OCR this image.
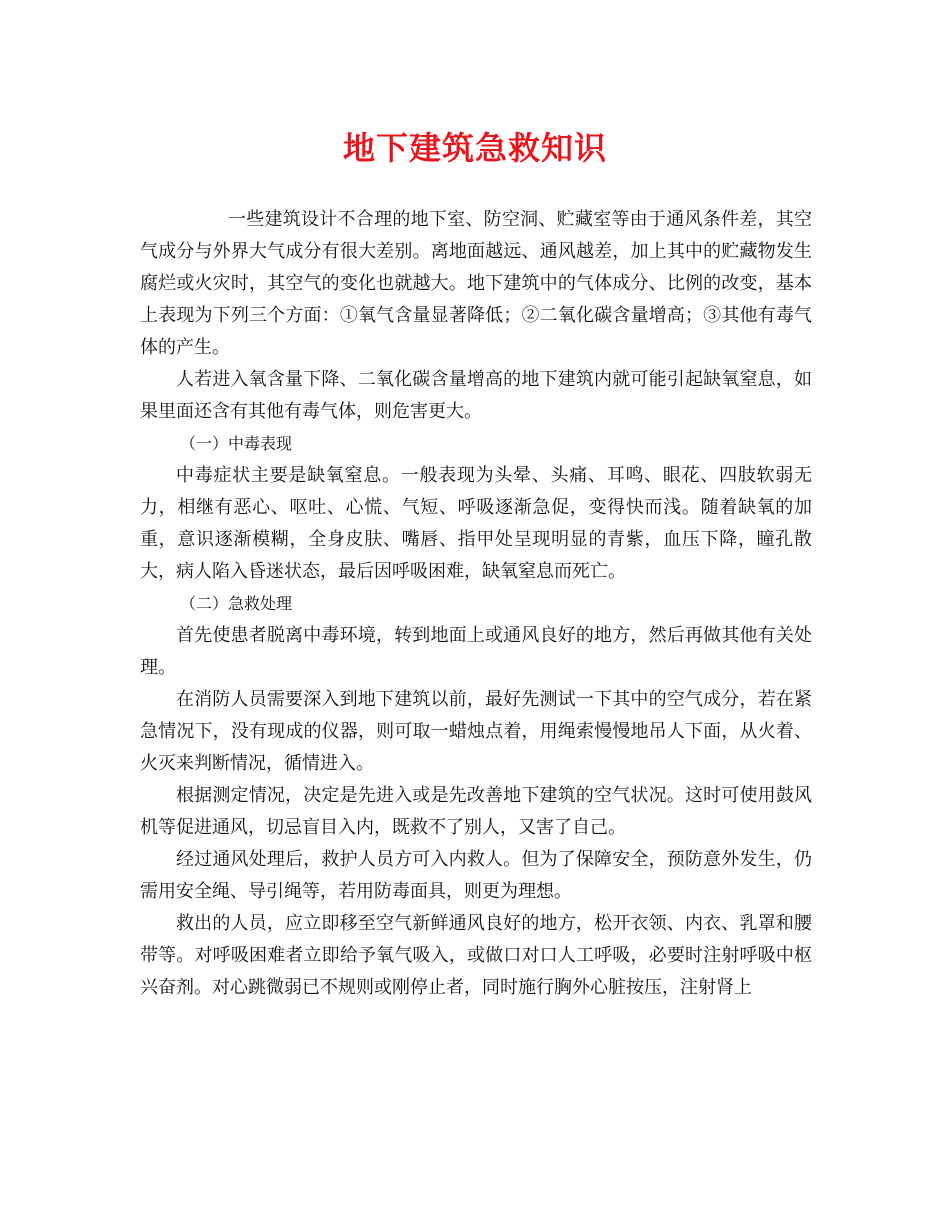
地下建筑急救知识

一些建筑设计不合理的地下室、防空洞、贮藏室等由于通风条件差，其空气成分与外界大气成分有很大差别。离地面越远、通风越差，加上其中的贮藏物发生腐烂或火灾时，其空气的变化也就越大。地下建筑中的气体成分、比例的改变，基本上表现为下列三个方面：①氧气含量显著降低；②二氧化碳含量增高；③其他有毒气体的产生。

人若进入氧含量下降、二氧化碳含量增高的地下建筑内就可能引起缺氧窒息，如果里面还含有其他有毒气体，则危害更大。

（一）中毒表现

中毒症状主要是缺氧窒息。一般表现为头晕、头痛、耳鸣、眼花、四肢软弱无力，相继有恶心、呕吐、心慌、气短、呼吸逐渐急促，变得快而浅。随着缺氧的加重，意识逐渐模糊，全身皮肤、嘴唇、指甲处呈现明显的青紫，血压下降，瞳孔散大，病人陷入昏迷状态，最后因呼吸困难，缺氧窒息而死亡。

（二）急救处理

首先使患者脱离中毒环境，转到地面上或通风良好的地方，然后再做其他有关处理。

在消防人员需要深入到地下建筑以前，最好先测试一下其中的空气成分，若在紧急情况下，没有现成的仪器，则可取一蜡烛点着，用绳索慢慢地吊人下面，从火着、火灭来判断情况，循情进入。

根据测定情况，决定是先进入或是先改善地下建筑的空气状况。这时可使用鼓风机等促进通风，切忌盲目入内，既救不了别人，又害了自己。

经过通风处理后，救护人员方可入内救人。但为了保障安全，预防意外发生，仍需用安全绳、导引绳等，若用防毒面具，则更为理想。

救出的人员，应立即移至空气新鲜通风良好的地方，松开衣领、内衣、乳罩和腰带等。对呼吸困难者立即给予氧气吸入，或做口对口人工呼吸，必要时注射呼吸中枢兴奋剂。对心跳微弱已不规则或刚停止者，同时施行胸外心脏按压，注射肾上
